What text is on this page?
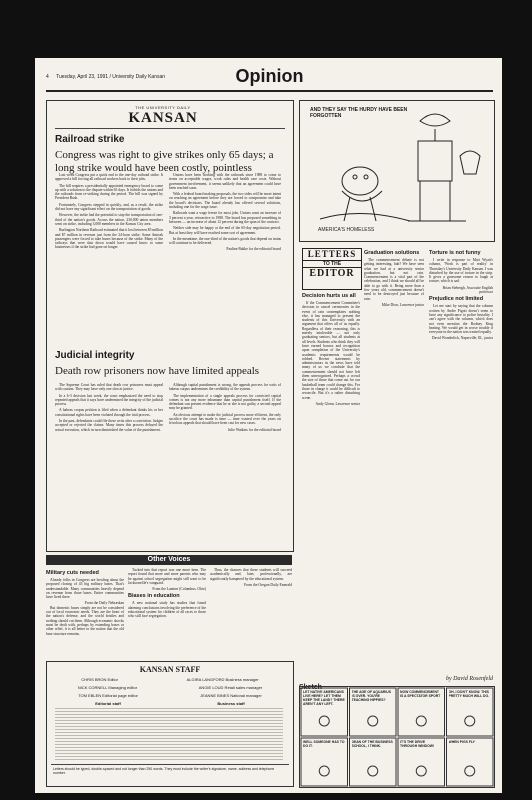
4 Tuesday, April 23, 1991 / University Daily Kansan	Opinion
THE UNIVERSITY DAILY
KANSAN
Railroad strike
Congress was right to give strikes only 65 days; a long strike would have been costly, pointless

Last week Congress put a quick end to the one-day railroad strike. It approved a bill forcing all railroad workers back to their jobs.

The bill requires a presidentially appointed emergency board to come up with a solution to the dispute within 65 days. It forbids the unions and the railroads from re-striking during the period. The bill was signed by President Bush.

Fortunately, Congress stepped in quickly, and, as a result, the strike did not have any significant effect on the transportation of goods.

However, the strike had the potential to stop the transportation of one-third of the nation's goods. Across the nation, 230,000 union members went on strike, including 3,000 members in the Kansas City area.

Burlington Northern Railroad estimated that it lost between $5 million and $7 million in revenue just from the 24-hour strike. Some Amtrak passengers were forced to take buses because of the strike. Many of the railways that were shut down would have caused havoc to some businesses if the strike had gone on longer.

Unions have been working with the railroads since 1988 to come to terms on acceptable wages, work rules and health care costs. Without government involvement, it seems unlikely that an agreement could have been reached soon.

With a federal board making proposals, the two sides will be more intent on reaching an agreement before they are forced to compromise and take the board's decisions. The board already has offered several solutions, including one for the wage issue.

Railroads want a wage freeze for most jobs. Unions want an increase of 3 percent a year, retroactive to 1988. The board has proposed something in between — an increase of about 12 percent during the span of the contract.

Neither side may be happy at the end of the 65-day negotiation period. But at least they will have reached some sort of agreement.

In the meantime, the one-third of the nation's goods that depend on trains will continue to be delivered.

Pauline Bakke for the editorial board
Judicial integrity
Death row prisoners now have limited appeals

The Supreme Court has ruled that death row prisoners must appeal with caution. They may have only one shot at justice.

In a 6-3 decision last week, the court emphasized the need to stop repeated appeals that it says have undermined the integrity of the judicial process.

A habeas corpus petition is filed when a defendant thinks his or her constitutional rights have been violated through the trial process.

In the past, defendants could file these writs after a conviction. Judges accepted or rejected the claims. Many times this process delayed the actual execution, which in turn diminished the value of the punishment.

Although capital punishment is wrong, the appeals process for writs of habeas corpus undermines the credibility of the system.

The implementation of a single appeals process for convicted capital crimes is not any more inhumane than capital punishment itself. If the defendant can present evidence that he or she is not guilty, a second appeal may be granted.

An obvious attempt to make the judicial process more efficient, the only sacrifice the court has made is time — time wasted over the years on frivolous appeals that should have been cast for new cases.

Julie Watkins for the editorial board
Other Voices
Military cuts needed

Already folks in Congress are howling about the proposed closing of 43 big military bases. That's understandable. Many communities heavily depend on revenue from those bases. Entire communities have lived there.

From the Daily Nebraskan

But domestic bases simply are not be considered out of local economic needs. They are the heart of the nation's defense, and the world bristles and nothing should cut them. Although economic shocks must be dealt with, perhaps by extending bases or other relief, it is all better to the nation that the old base structure remains.

Tucked into that report was one more item. The report found that more and more parents who may be against school segregation might still want to be Jacksonville's vanguard.

From the Lantern (Columbus, Ohio)
Biases in education

A new national study has studies that found alarming conclusions involving the preference of the educational system for children of all races to those who still face segregation.

Thus, the chances that these students will succeed academically and, later, professionally, are significantly hampered by the educational system.

From the Oregon Daily Emerald
KANSAN STAFF
CHRIS BRON Editor	ALGIRA LANGFORD Business manager
NICK CORNELL Managing editor	ANGIE LOUD Retail sales manager
TOM EBLEN Editorial page editor	JEANNE BINES National manager
Editorial staff	Business staff
Letters should be typed, double-spaced and not longer than 250 words. They must include the writer's signature, name, address and telephone number.
AND THEY SAY THE HURDY HAVE BEEN FORGOTTEN
AMERICA'S HOMELESS
LETTERS
TO THE
EDITOR
Decision hurts us all

If the Commencement Committee's decision to cancel ceremonies in the event of rain contemplates nothing else, it has managed to present the students of this University with an argument that offers all of us equally. Regardless of their reasoning, this is merely intolerable — not only graduating seniors, but all students at all levels. Students who think they will have earned honors and recognition upon completion of the University's academic requirements would be robbed. Recent statements by administrators in the news have told many of us we conclude that the commencement should not have left them unrecognized. Perhaps a crowd the size of those that come out for our basketball team could change this. For those in charge it could be difficult to reconcile. But it's a rather disturbing scene.

Andy Glenn, Lawrence senior
Graduation solutions

The commencement debate is not getting interesting, huh? We have seen what we had at a university senior graduation, but not rain. Commencement is a vital part of the celebration, and I think we should all be able to go with it. Being more than a few years old, commencement doesn't need to be destroyed just because of rain.

Mike Dion, Lawrence junior
Torture is not funny

I write in response to Matt Wyatt's column, 'Work is part of reality' in Thursday's University Daily Kansan. I was disturbed by the use of torture in the strip. It gives a gruesome reason to laugh at torture, which is sad.

Brian Stebergh, Associate English professor
Prejudice not limited

Let me start by saying that the column written by Andre Pigott doesn't seem to have any significance to police brutality. I can't agree with the column, which does not even mention the Rodney King beating. We would get in worse trouble if everyone in the nation was treated equally.

David Wonderlick, Naperville, Ill., junior
Sketch
by David Rosenfeld
LET NATIVE AMERICANS LIVE HERE? LET THEM KEEP THE LAND? THERE AREN'T ANY LEFT.
THE AGE OF AQUARIUS IS OVER. YOU'RE TEACHING HIPPIES?
NOW COMMENCEMENT IS A SPECTATOR SPORT
OH, I DON'T KNOW. THIS PRETTY MUCH WILL DO.
WELL SOMEONE HAS TO DO IT.
DEAN OF THE BUSINESS SCHOOL, I THINK.
IT'S THE DRIVE THROUGH WINDOW!
WHEN PIGS FLY
